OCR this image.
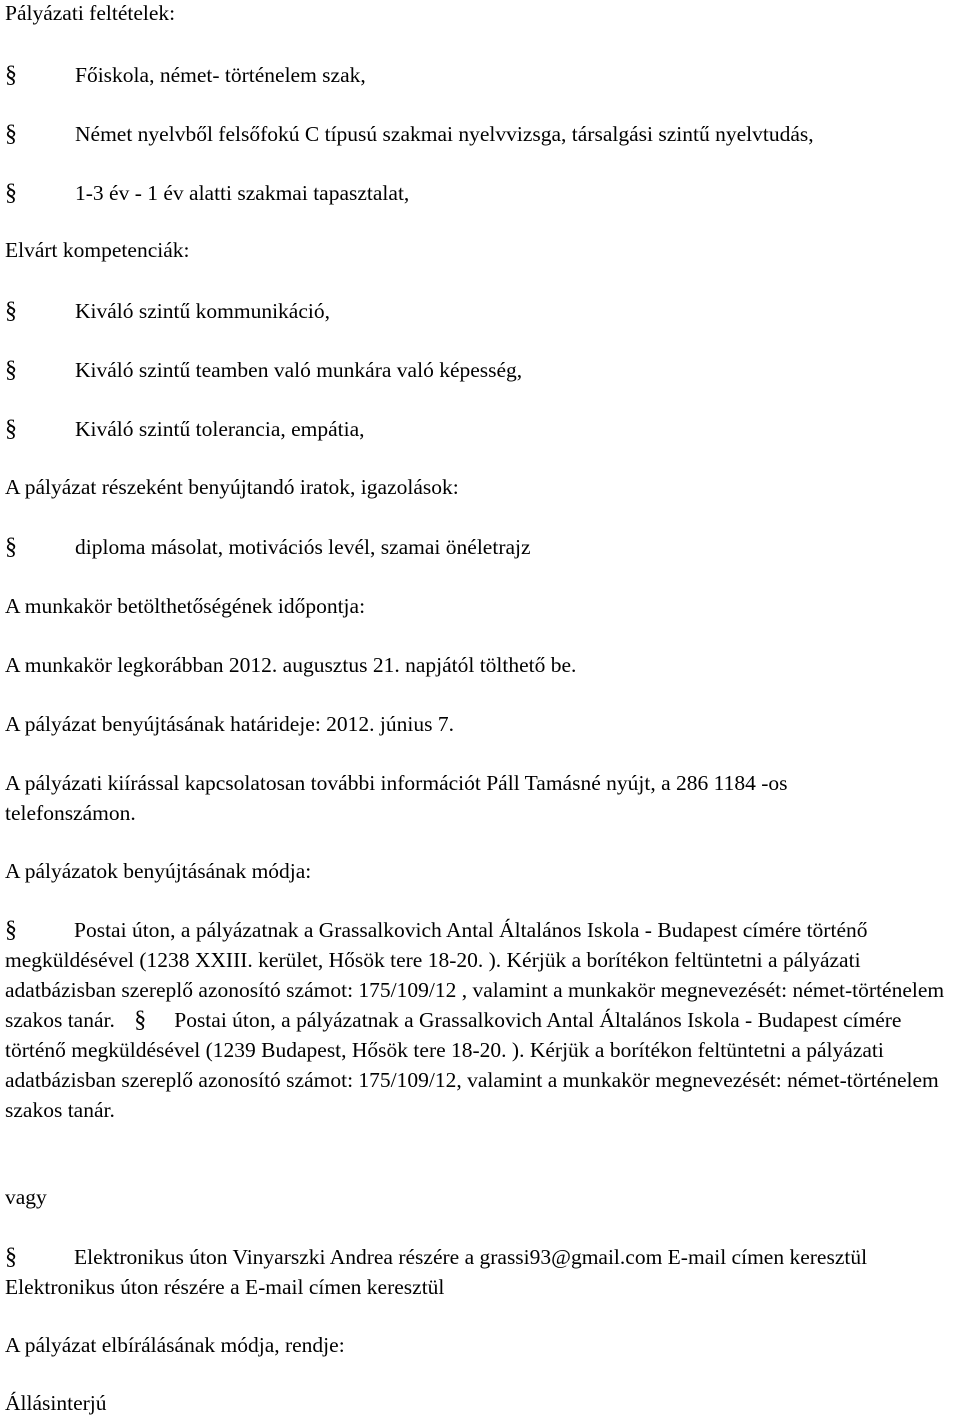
Pályázati feltételek:
§	Főiskola, német- történelem szak,
§	Német nyelvből felsőfokú C típusú szakmai nyelvvizsga, társalgási szintű nyelvtudás,
§	1-3 év - 1 év alatti szakmai tapasztalat,
Elvárt kompetenciák:
§	Kiváló szintű kommunikáció,
§	Kiváló szintű teamben való munkára való képesség,
§	Kiváló szintű tolerancia, empátia,
A pályázat részeként benyújtandó iratok, igazolások:
§	diploma másolat, motivációs levél, szamai önéletrajz
A munkakör betölthetőségének időpontja:
A munkakör legkorábban 2012. augusztus 21. napjától tölthető be.
A pályázat benyújtásának határideje: 2012. június 7.
A pályázati kiírással kapcsolatosan további információt Páll Tamásné nyújt, a 286 1184 -os
telefonszámon.
A pályázatok benyújtásának módja:
§	Postai úton, a pályázatnak a Grassalkovich Antal Általános Iskola - Budapest címére történő megküldésével (1238 XXIII. kerület, Hősök tere 18-20. ). Kérjük a borítékon feltüntetni a pályázati adatbázisban szereplő azonosító számot: 175/109/12 , valamint a munkakör megnevezését: német-történelem szakos tanár. § Postai úton, a pályázatnak a Grassalkovich Antal Általános Iskola - Budapest címére történő megküldésével (1239 Budapest, Hősök tere 18-20. ). Kérjük a borítékon feltüntetni a pályázati adatbázisban szereplő azonosító számot: 175/109/12, valamint a munkakör megnevezését: német-történelem szakos tanár.
vagy
§	Elektronikus úton Vinyarszki Andrea részére a grassi93@gmail.com E-mail címen keresztül Elektronikus úton részére a E-mail címen keresztül
A pályázat elbírálásának módja, rendje:
Állásinterjú
